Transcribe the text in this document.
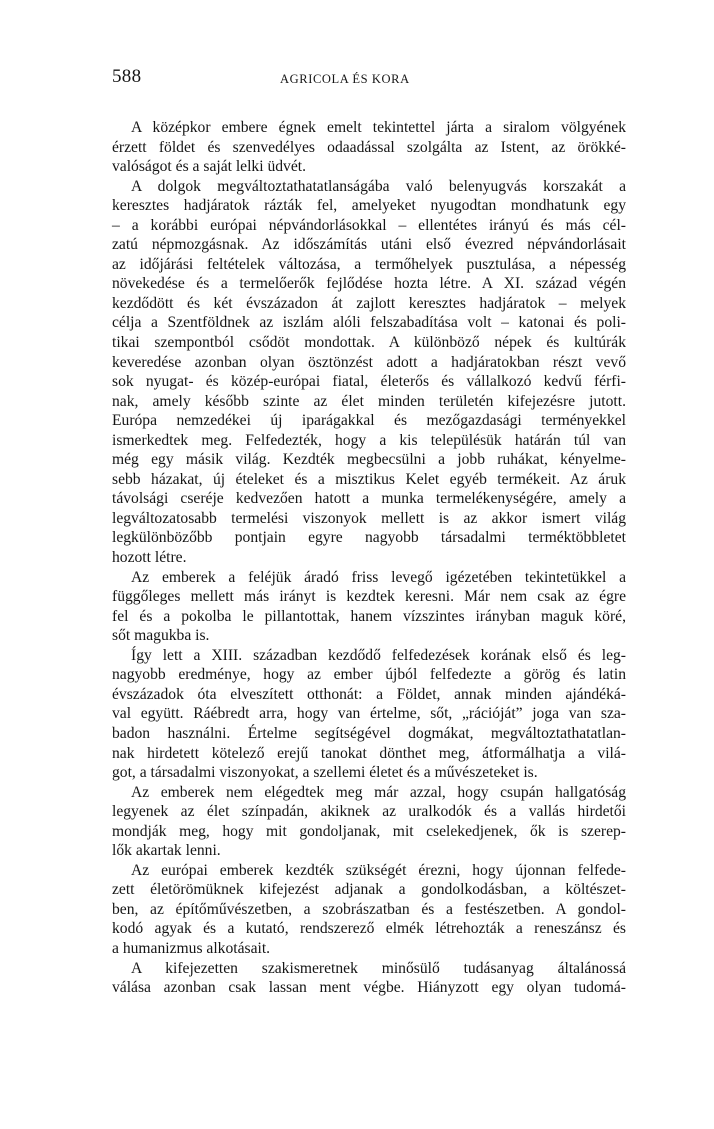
588	AGRICOLA ÉS KORA

A középkor embere égnek emelt tekintettel járta a siralom völgyének
érzett földet és szenvedélyes odaadással szolgálta az Istent, az örökké-
valóságot és a saját lelki üdvét.

A dolgok megváltoztathatatlanságába való belenyugvás korszakát a
keresztes hadjáratok rázták fel, amelyeket nyugodtan mondhatunk egy
– a korábbi európai népvándorlásokkal – ellentétes irányú és más cél-
zatú népmozgásnak. Az időszámítás utáni első évezred népvándorlásait
az időjárási feltételek változása, a termőhelyek pusztulása, a népesség
növekedése és a termelőerők fejlődése hozta létre. A XI. század végén
kezdődött és két évszázadon át zajlott keresztes hadjáratok – melyek
célja a Szentföldnek az iszlám alóli felszabadítása volt – katonai és poli-
tikai szempontból csődöt mondottak. A különböző népek és kultúrák
keveredése azonban olyan ösztönzést adott a hadjáratokban részt vevő
sok nyugat- és közép-európai fiatal, életerős és vállalkozó kedvű férfi-
nak, amely később szinte az élet minden területén kifejezésre jutott.
Európa nemzedékei új iparágakkal és mezőgazdasági terményekkel
ismerkedtek meg. Felfedezték, hogy a kis településük határán túl van
még egy másik világ. Kezdték megbecsülni a jobb ruhákat, kényelme-
sebb házakat, új ételeket és a misztikus Kelet egyéb termékeit. Az áruk
távolsági cseréje kedvezően hatott a munka termelékenységére, amely a
legváltozatosabb termelési viszonyok mellett is az akkor ismert világ
legkülönbözőbb pontjain egyre nagyobb társadalmi terméktöbbletet
hozott létre.

Az emberek a feléjük áradó friss levegő igézetében tekintetükkel a
függőleges mellett más irányt is kezdtek keresni. Már nem csak az égre
fel és a pokolba le pillantottak, hanem vízszintes irányban maguk köré,
sőt magukba is.

Így lett a XIII. században kezdődő felfedezések korának első és leg-
nagyobb eredménye, hogy az ember újból felfedezte a görög és latin
évszázadok óta elveszített otthonát: a Földet, annak minden ajándéká-
val együtt. Ráébredt arra, hogy van értelme, sőt, „rációját” joga van sza-
badon használni. Értelme segítségével dogmákat, megváltoztathatatlan-
nak hirdetett kötelező erejű tanokat dönthet meg, átformálhatja a vilá-
got, a társadalmi viszonyokat, a szellemi életet és a művészeteket is.

Az emberek nem elégedtek meg már azzal, hogy csupán hallgatóság
legyenek az élet színpadán, akiknek az uralkodók és a vallás hirdetői
mondják meg, hogy mit gondoljanak, mit cselekedjenek, ők is szerep-
lők akartak lenni.

Az európai emberek kezdték szükségét érezni, hogy újonnan felfede-
zett életörömüknek kifejezést adjanak a gondolkodásban, a költészet-
ben, az építőművészetben, a szobrászatban és a festészetben. A gondol-
kodó agyak és a kutató, rendszerező elmék létrehozták a reneszánsz és
a humanizmus alkotásait.

A kifejezetten szakismeretnek minősülő tudásanyag általánossá
válása azonban csak lassan ment végbe. Hiányzott egy olyan tudomá-
